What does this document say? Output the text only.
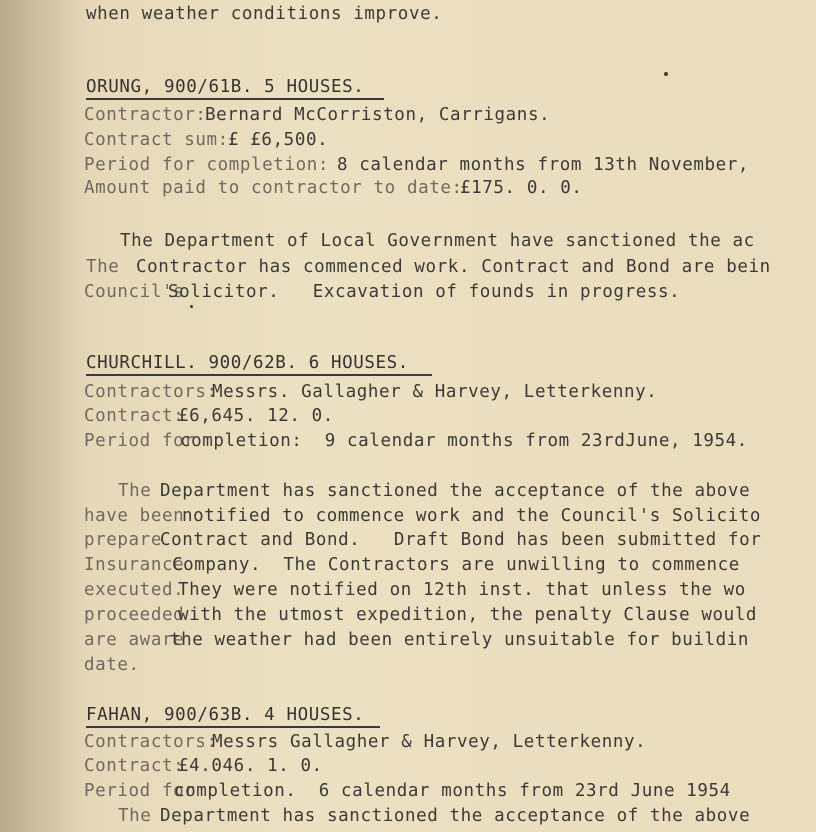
when weather conditions improve.
ORUNG, 900/61B. 5 HOUSES.
Contractor:
Bernard McCorriston, Carrigans.
Contract sum: £ £6,500.
Period for completion: 8 calendar months from 13th November,
Amount paid to contractor to date:
£175. 0. 0.
The Department of Local Government have sanctioned the ac
The Contractor has commenced work. Contract and Bond are bein
Council's
Solicitor.   Excavation of founds in progress.
CHURCHILL. 900/62B. 6 HOUSES.
Contractors:
Messrs. Gallagher & Harvey, Letterkenny.
Contract:
£6,645. 12. 0.
Period for
completion:  9 calendar months from 23rdJune, 1954.
The Department has sanctioned the acceptance of the above
have been
notified to commence work and the Council's Solicito
prepare
Contract and Bond.   Draft Bond has been submitted for
Insurance
Company.  The Contractors are unwilling to commence
executed.
They were notified on 12th inst. that unless the wo
proceeded
with the utmost expedition, the penalty Clause would
are aware
the weather had been entirely unsuitable for buildin
date.
FAHAN, 900/63B. 4 HOUSES.
Contractors:
Messrs Gallagher & Harvey, Letterkenny.
Contract:
£4.046. 1. 0.
Period for
completion.  6 calendar months from 23rd June 1954
The Department has sanctioned the acceptance of the above
